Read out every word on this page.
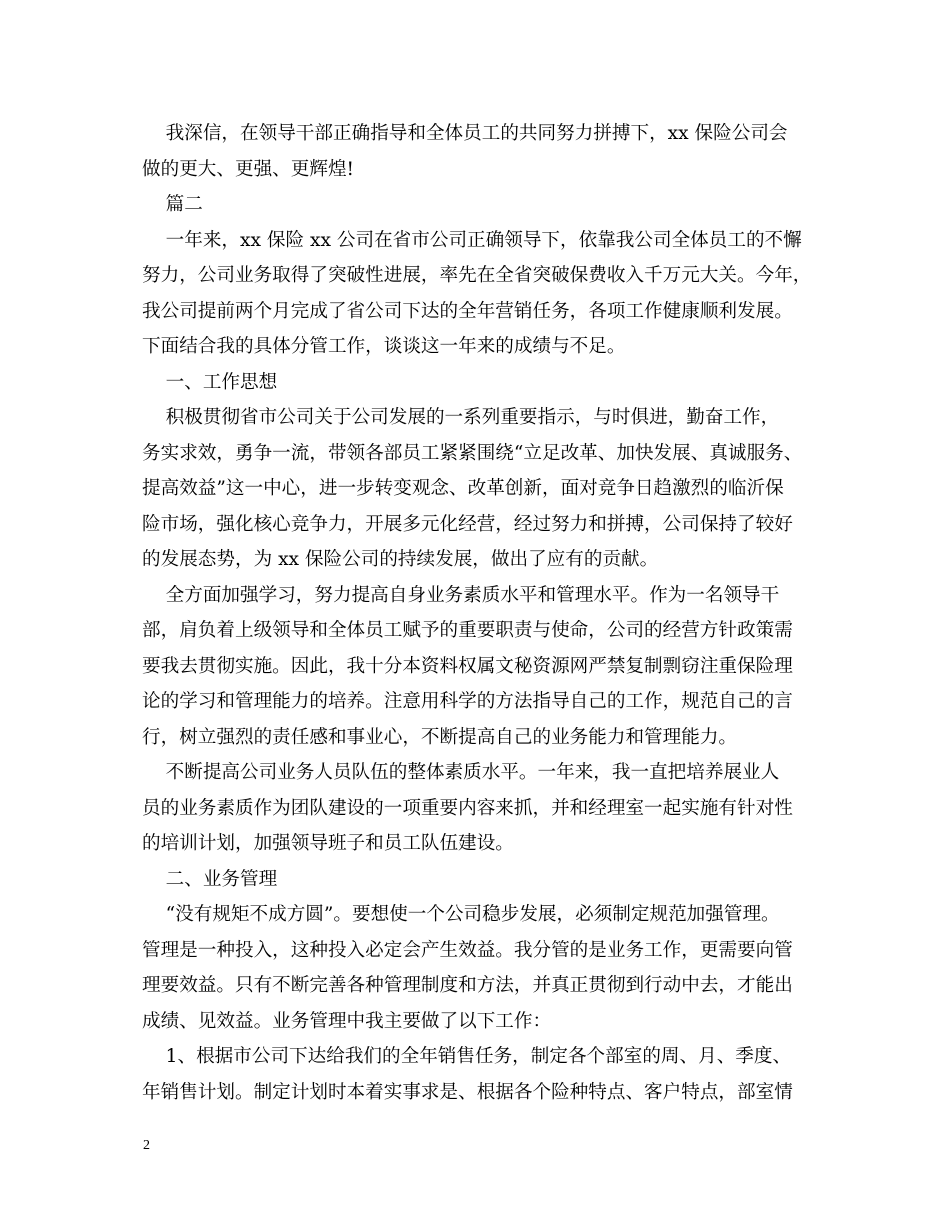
我深信，在领导干部正确指导和全体员工的共同努力拼搏下，xx 保险公司会
做的更大、更强、更辉煌!
篇二
一年来，xx 保险 xx 公司在省市公司正确领导下，依靠我公司全体员工的不懈
努力，公司业务取得了突破性进展，率先在全省突破保费收入千万元大关。今年，
我公司提前两个月完成了省公司下达的全年营销任务，各项工作健康顺利发展。
下面结合我的具体分管工作，谈谈这一年来的成绩与不足。
一、工作思想
积极贯彻省市公司关于公司发展的一系列重要指示，与时俱进，勤奋工作，
务实求效，勇争一流，带领各部员工紧紧围绕“立足改革、加快发展、真诚服务、
提高效益”这一中心，进一步转变观念、改革创新，面对竞争日趋激烈的临沂保
险市场，强化核心竞争力，开展多元化经营，经过努力和拼搏，公司保持了较好
的发展态势，为 xx 保险公司的持续发展，做出了应有的贡献。
全方面加强学习，努力提高自身业务素质水平和管理水平。作为一名领导干
部，肩负着上级领导和全体员工赋予的重要职责与使命，公司的经营方针政策需
要我去贯彻实施。因此，我十分本资料权属文秘资源网严禁复制剽窃注重保险理
论的学习和管理能力的培养。注意用科学的方法指导自己的工作，规范自己的言
行，树立强烈的责任感和事业心，不断提高自己的业务能力和管理能力。
不断提高公司业务人员队伍的整体素质水平。一年来，我一直把培养展业人
员的业务素质作为团队建设的一项重要内容来抓，并和经理室一起实施有针对性
的培训计划，加强领导班子和员工队伍建设。
二、业务管理
“没有规矩不成方圆”。要想使一个公司稳步发展，必须制定规范加强管理。
管理是一种投入，这种投入必定会产生效益。我分管的是业务工作，更需要向管
理要效益。只有不断完善各种管理制度和方法，并真正贯彻到行动中去，才能出
成绩、见效益。业务管理中我主要做了以下工作：
1、根据市公司下达给我们的全年销售任务，制定各个部室的周、月、季度、
年销售计划。制定计划时本着实事求是、根据各个险种特点、客户特点，部室情
2
